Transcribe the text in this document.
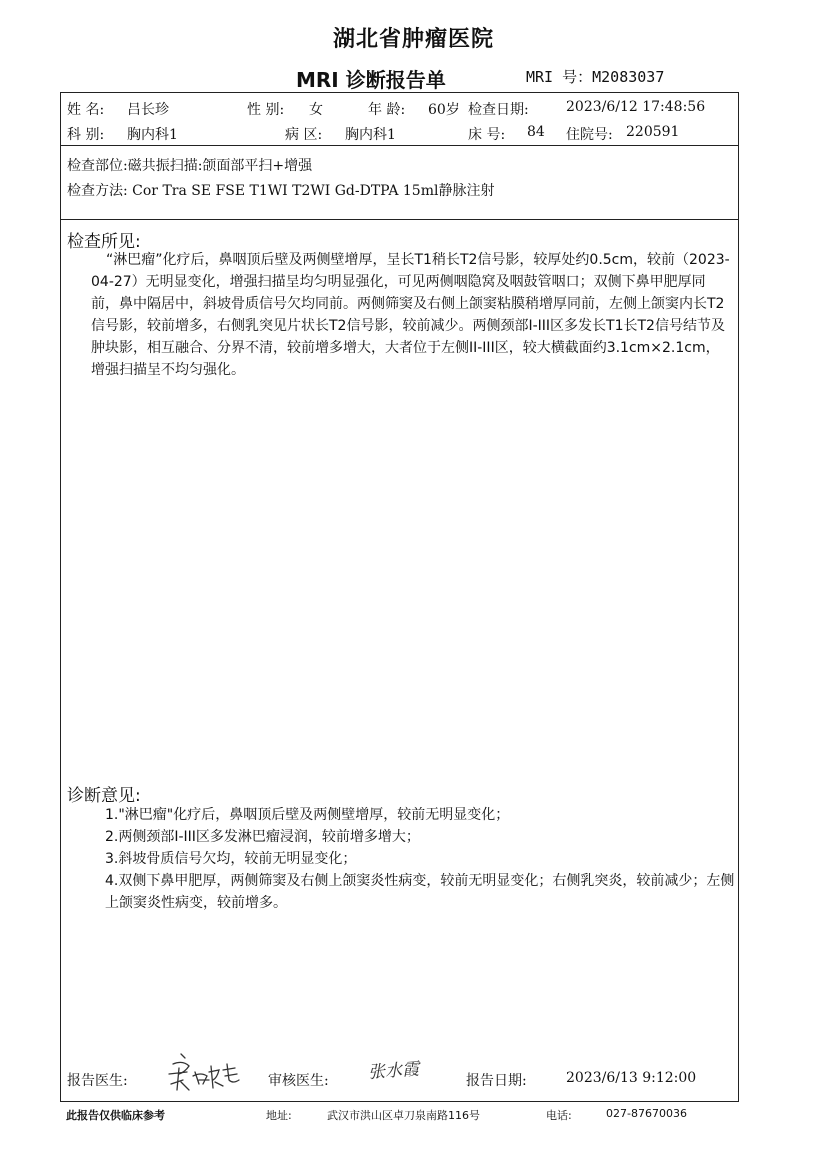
湖北省肿瘤医院
MRI 诊断报告单	MRI 号：M2083037
姓 名: 吕长珍	性 别: 女	年 龄: 60岁 检查日期:	2023/6/12 17:48:56
科 别: 胸内科1	病 区: 胸内科1	床 号: 84 住院号: 220591
检查部位:磁共振扫描:颌面部平扫+增强
检查方法: Cor Tra SE FSE T1WI T2WI Gd-DTPA 15ml静脉注射
检查所见:
“淋巴瘤”化疗后，鼻咽顶后壁及两侧壁增厚，呈长T1稍长T2信号影，较厚处约0.5cm，较前（2023-04-27）无明显变化，增强扫描呈均匀明显强化，可见两侧咽隐窝及咽鼓管咽口；双侧下鼻甲肥厚同前，鼻中隔居中，斜坡骨质信号欠均同前。两侧筛窦及右侧上颌窦粘膜稍增厚同前，左侧上颌窦内长T2信号影，较前增多，右侧乳突见片状长T2信号影，较前减少。两侧颈部I-III区多发长T1长T2信号结节及肿块影，相互融合、分界不清，较前增多增大，大者位于左侧II-III区，较大横截面约3.1cm×2.1cm，增强扫描呈不均匀强化。
诊断意见:
1."淋巴瘤"化疗后，鼻咽顶后壁及两侧壁增厚，较前无明显变化；
2.两侧颈部I-III区多发淋巴瘤浸润，较前增多增大；
3.斜坡骨质信号欠均，较前无明显变化；
4.双侧下鼻甲肥厚，两侧筛窦及右侧上颌窦炎性病变，较前无明显变化；右侧乳突炎，较前减少；左侧上颌窦炎性病变，较前增多。
报告医生:	审核医生: 张水霞	报告日期:	2023/6/13 9:12:00
此报告仅供临床参考	地址:	武汉市洪山区卓刀泉南路116号	电话:	027-87670036
